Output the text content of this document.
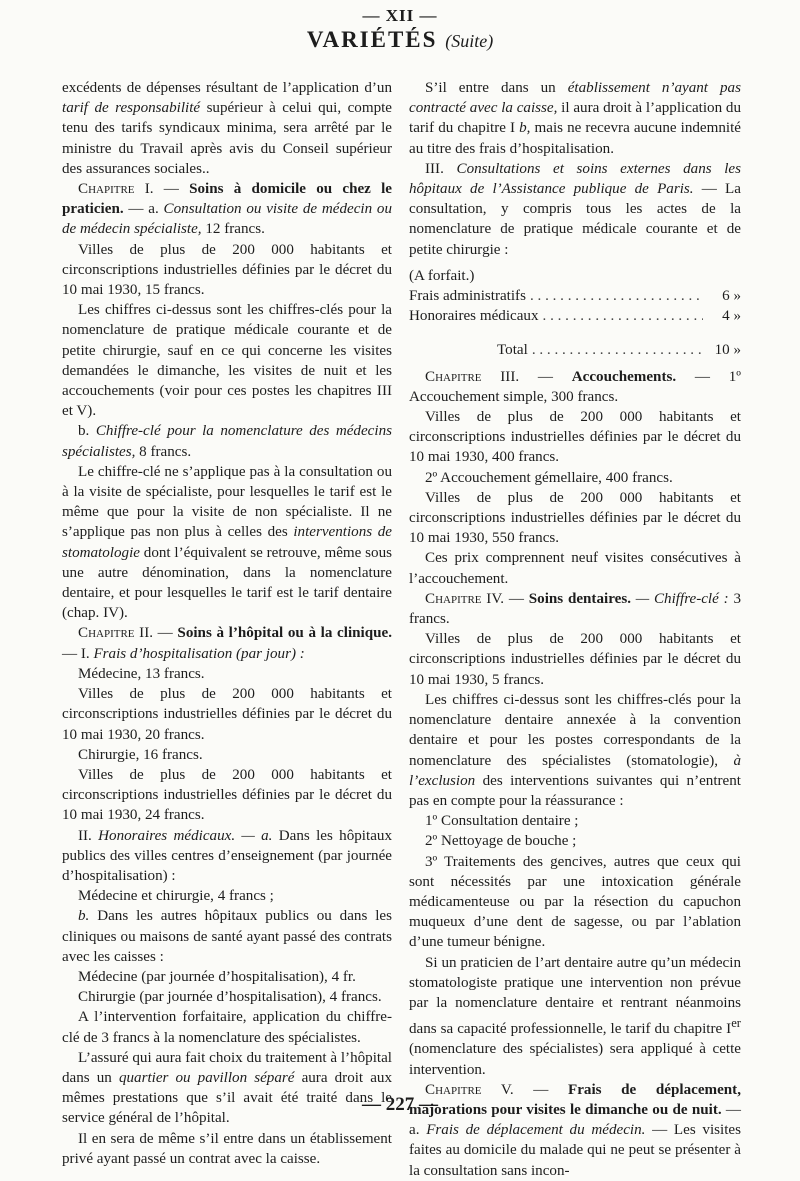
— XII —
VARIÉTÉS (Suite)

excédents de dépenses résultant de l’application d’un tarif de responsabilité supérieur à celui qui, compte tenu des tarifs syndicaux minima, sera arrêté par le ministre du Travail après avis du Conseil supérieur des assurances sociales..

Chapitre I. — Soins à domicile ou chez le praticien. — a. Consultation ou visite de médecin ou de médecin spécialiste, 12 francs.

Villes de plus de 200 000 habitants et circonscriptions industrielles définies par le décret du 10 mai 1930, 15 francs.

Les chiffres ci-dessus sont les chiffres-clés pour la nomenclature de pratique médicale courante et de petite chirurgie, sauf en ce qui concerne les visites demandées le dimanche, les visites de nuit et les accouchements (voir pour ces postes les chapitres III et V).

b. Chiffre-clé pour la nomenclature des médecins spécialistes, 8 francs.

Le chiffre-clé ne s’applique pas à la consultation ou à la visite de spécialiste, pour lesquelles le tarif est le même que pour la visite de non spécialiste. Il ne s’applique pas non plus à celles des interventions de stomatologie dont l’équivalent se retrouve, même sous une autre dénomination, dans la nomenclature dentaire, et pour lesquelles le tarif est le tarif dentaire (chap. IV).

Chapitre II. — Soins à l’hôpital ou à la clinique. — I. Frais d’hospitalisation (par jour) :

Médecine, 13 francs.

Villes de plus de 200 000 habitants et circonscriptions industrielles définies par le décret du 10 mai 1930, 20 francs.

Chirurgie, 16 francs.

Villes de plus de 200 000 habitants et circonscriptions industrielles définies par le décret du 10 mai 1930, 24 francs.

II. Honoraires médicaux. — a. Dans les hôpitaux publics des villes centres d’enseignement (par journée d’hospitalisation) :

Médecine et chirurgie, 4 francs ;

b. Dans les autres hôpitaux publics ou dans les cliniques ou maisons de santé ayant passé des contrats avec les caisses :

Médecine (par journée d’hospitalisation), 4 fr.

Chirurgie (par journée d’hospitalisation), 4 francs.

A l’intervention forfaitaire, application du chiffre-clé de 3 francs à la nomenclature des spécialistes.

L’assuré qui aura fait choix du traitement à l’hôpital dans un quartier ou pavillon séparé aura droit aux mêmes prestations que s’il avait été traité dans le service général de l’hôpital.

Il en sera de même s’il entre dans un établissement privé ayant passé un contrat avec la caisse.

S’il entre dans un établissement n’ayant pas contracté avec la caisse, il aura droit à l’application du tarif du chapitre I b, mais ne recevra aucune indemnité au titre des frais d’hospitalisation.

III. Consultations et soins externes dans les hôpitaux de l’Assistance publique de Paris. — La consultation, y compris tous les actes de la nomenclature de pratique médicale courante et de petite chirurgie :

(A forfait.)

Frais administratifs . . .	6 »
Honoraires médicaux . . .	4 »
Total . . .	10 »

Chapitre III. — Accouchements. — 1º Accouchement simple, 300 francs.

Villes de plus de 200 000 habitants et circonscriptions industrielles définies par le décret du 10 mai 1930, 400 francs.

2º Accouchement gémellaire, 400 francs.

Villes de plus de 200 000 habitants et circonscriptions industrielles définies par le décret du 10 mai 1930, 550 francs.

Ces prix comprennent neuf visites consécutives à l’accouchement.

Chapitre IV. — Soins dentaires. — Chiffre-clé : 3 francs.

Villes de plus de 200 000 habitants et circonscriptions industrielles définies par le décret du 10 mai 1930, 5 francs.

Les chiffres ci-dessus sont les chiffres-clés pour la nomenclature dentaire annexée à la convention dentaire et pour les postes correspondants de la nomenclature des spécialistes (stomatologie), à l’exclusion des interventions suivantes qui n’entrent pas en compte pour la réassurance :

1º Consultation dentaire ;

2º Nettoyage de bouche ;

3º Traitements des gencives, autres que ceux qui sont nécessités par une intoxication générale médicamenteuse ou par la résection du capuchon muqueux d’une dent de sagesse, ou par l’ablation d’une tumeur bénigne.

Si un praticien de l’art dentaire autre qu’un médecin stomatologiste pratique une intervention non prévue par la nomenclature dentaire et rentrant néanmoins dans sa capacité professionnelle, le tarif du chapitre Ier (nomenclature des spécialistes) sera appliqué à cette intervention.

Chapitre V. — Frais de déplacement, majorations pour visites le dimanche ou de nuit. — a. Frais de déplacement du médecin. — Les visites faites au domicile du malade qui ne peut se présenter à la consultation sans incon-

— 227 —
